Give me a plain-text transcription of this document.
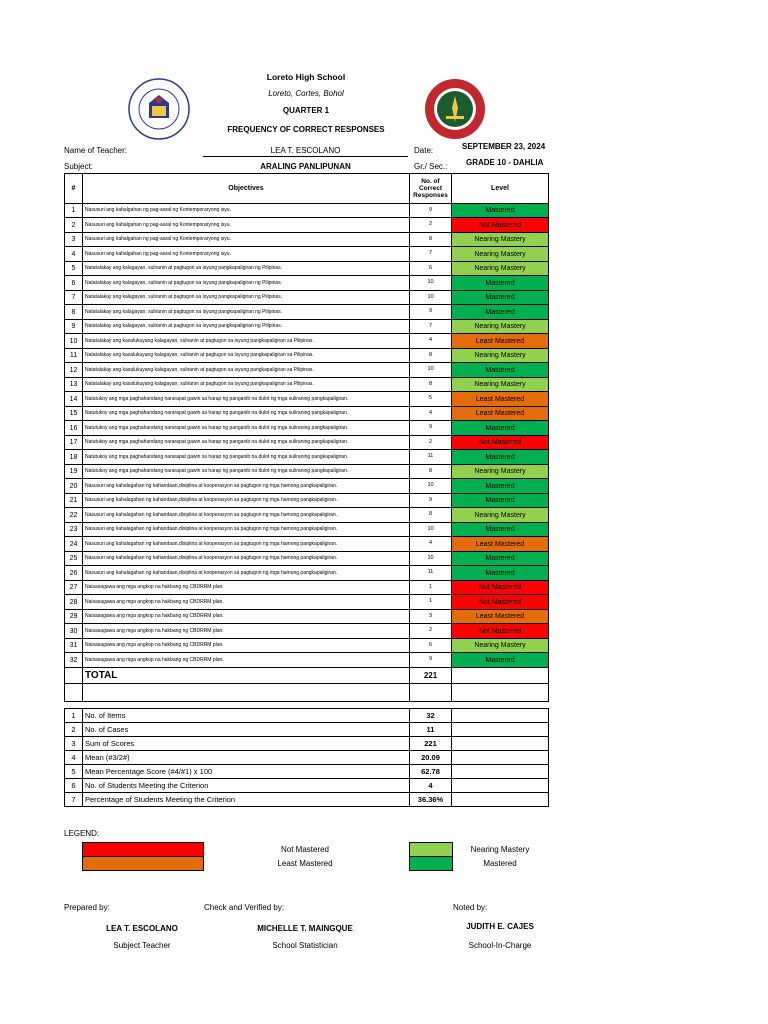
Loreto High School
Loreto, Cortes, Bohol
QUARTER 1
FREQUENCY OF CORRECT RESPONSES
Name of Teacher:	LEA T. ESCOLANO	Date:	SEPTEMBER 23, 2024
Subject:	ARALING PANLIPUNAN	Gr./ Sec.: GRADE 10 - DAHLIA
#	Objectives	No. of Correct Responses	Level
1	Nasusuri ang kahalgahan ng pag-aaral ng Kontemporaryong isyu.	9	Mastered
2	Nasusuri ang kahalgahan ng pag-aaral ng Kontemporaryong isyu.	2	Not Mastered
3	Nasusuri ang kahalgahan ng pag-aaral ng Kontemporaryong isyu.	8	Nearing Mastery
4	Nasusuri ang kahalgahan ng pag-aaral ng Kontemporaryong isyu.	7	Nearing Mastery
5	Natatalakay ang kalagayan, suliranin at pagtugon sa isyung pangkapaligiran ng Pilipinas.	6	Nearing Mastery
6	Natatalakay ang kalagayan, suliranin at pagtugon sa isyung pangkapaligiran ng Pilipinas.	10	Mastered
7	Natatalakay ang kalagayan, suliranin at pagtugon sa isyung pangkapaligiran ng Pilipinas.	10	Mastered
8	Natatalakay ang kalagayan, suliranin at pagtugon sa isyung pangkapaligiran ng Pilipinas.	9	Mastered
9	Natatalakay ang kalagayan, suliranin at pagtugon sa isyung pangkapaligiran ng Pilipinas.	7	Nearing Mastery
10	Natatalakay ang kasalukuyang kalagayan, suliranin at pagtugon sa isyung pangkapaligiran sa Pilipinas.	4	Least Mastered
11	Natatalakay ang kasalukuyang kalagayan, suliranin at pagtugon sa isyung pangkapaligiran sa Pilipinas.	8	Nearing Mastery
12	Natatalakay ang kasalukuyang kalagayan, suliranin at pagtugon sa isyung pangkapaligiran sa Pilipinas.	10	Mastered
13	Natatalakay ang kasalukuyang kalagayan, suliranin at pagtugon sa isyung pangkapaligiran sa Pilipinas.	8	Nearing Mastery
14	Natutukoy ang mga paghahandang nararapat gawin sa harap ng panganib na dulot ng mga suliraning pangkapaligiran.	5	Least Mastered
15	Natutukoy ang mga paghahandang nararapat gawin sa harap ng panganib na dulot ng mga suliraning pangkapaligiran.	4	Least Mastered
16	Natutukoy ang mga paghahandang nararapat gawin sa harap ng panganib na dulot ng mga suliraning pangkapaligiran.	9	Mastered
17	Natutukoy ang mga paghahandang nararapat gawin sa harap ng panganib na dulot ng mga suliraning pangkapaligiran.	2	Not Mastered
18	Natutukoy ang mga paghahandang nararapat gawin sa harap ng panganib na dulot ng mga suliraning pangkapaligiran.	11	Mastered
19	Natutukoy ang mga paghahandang nararapat gawin sa harap ng panganib na dulot ng mga suliraning pangkapaligiran.	8	Nearing Mastery
20	Nasusuri ang kahalagahan ng kahandaan,disiplina at kooperasyon sa pagtugon ng mga hamong pangkapaligiran.	10	Mastered
21	Nasusuri ang kahalagahan ng kahandaan,disiplina at kooperasyon sa pagtugon ng mga hamong pangkapaligiran.	9	Mastered
22	Nasusuri ang kahalagahan ng kahandaan,disiplina at kooperasyon sa pagtugon ng mga hamong pangkapaligiran.	8	Nearing Mastery
23	Nasusuri ang kahalagahan ng kahandaan,disiplina at kooperasyon sa pagtugon ng mga hamong pangkapaligiran.	10	Mastered
24	Nasusuri ang kahalagahan ng kahandaan,disiplina at kooperasyon sa pagtugon ng mga hamong pangkapaligiran.	4	Least Mastered
25	Nasusuri ang kahalagahan ng kahandaan,disiplina at kooperasyon sa pagtugon ng mga hamong pangkapaligiran.	10	Mastered
26	Nasusuri ang kahalagahan ng kahandaan,disiplina at kooperasyon sa pagtugon ng mga hamong pangkapaligiran.	11	Mastered
27	Naisasagawa ang mga angkop na hakbang ng CBDRRM plan.	1	Not Mastered
28	Naisasagawa ang mga angkop na hakbang ng CBDRRM plan.	1	Not Mastered
29	Naisasagawa ang mga angkop na hakbang ng CBDRRM plan.	3	Least Mastered
30	Naisasagawa ang mga angkop na hakbang ng CBDRRM plan.	2	Not Mastered
31	Naisasagawa ang mga angkop na hakbang ng CBDRRM plan.	6	Nearing Mastery
32	Naisasagawa ang mga angkop na hakbang ng CBDRRM plan.	9	Mastered
	TOTAL	221	

1	No. of Items	32	
2	No. of Cases	11	
3	Sum of Scores	221	
4	Mean (#3/2#)	20.09	
5	Mean Percentage Score (#4/#1) x 100	62.78	
6	No. of Students Meeting the Criterion	4	
7	Percentage of Students Meeting the Criterion	36.36%	
LEGEND:
Not Mastered
Least Mastered
Nearing Mastery
Mastered
Prepared by:	Check and Verified by:	Noted by:
LEA T. ESCOLANO
Subject Teacher
MICHELLE T. MAINGQUE
School Statistician
JUDITH E. CAJES
School-In-Charge
